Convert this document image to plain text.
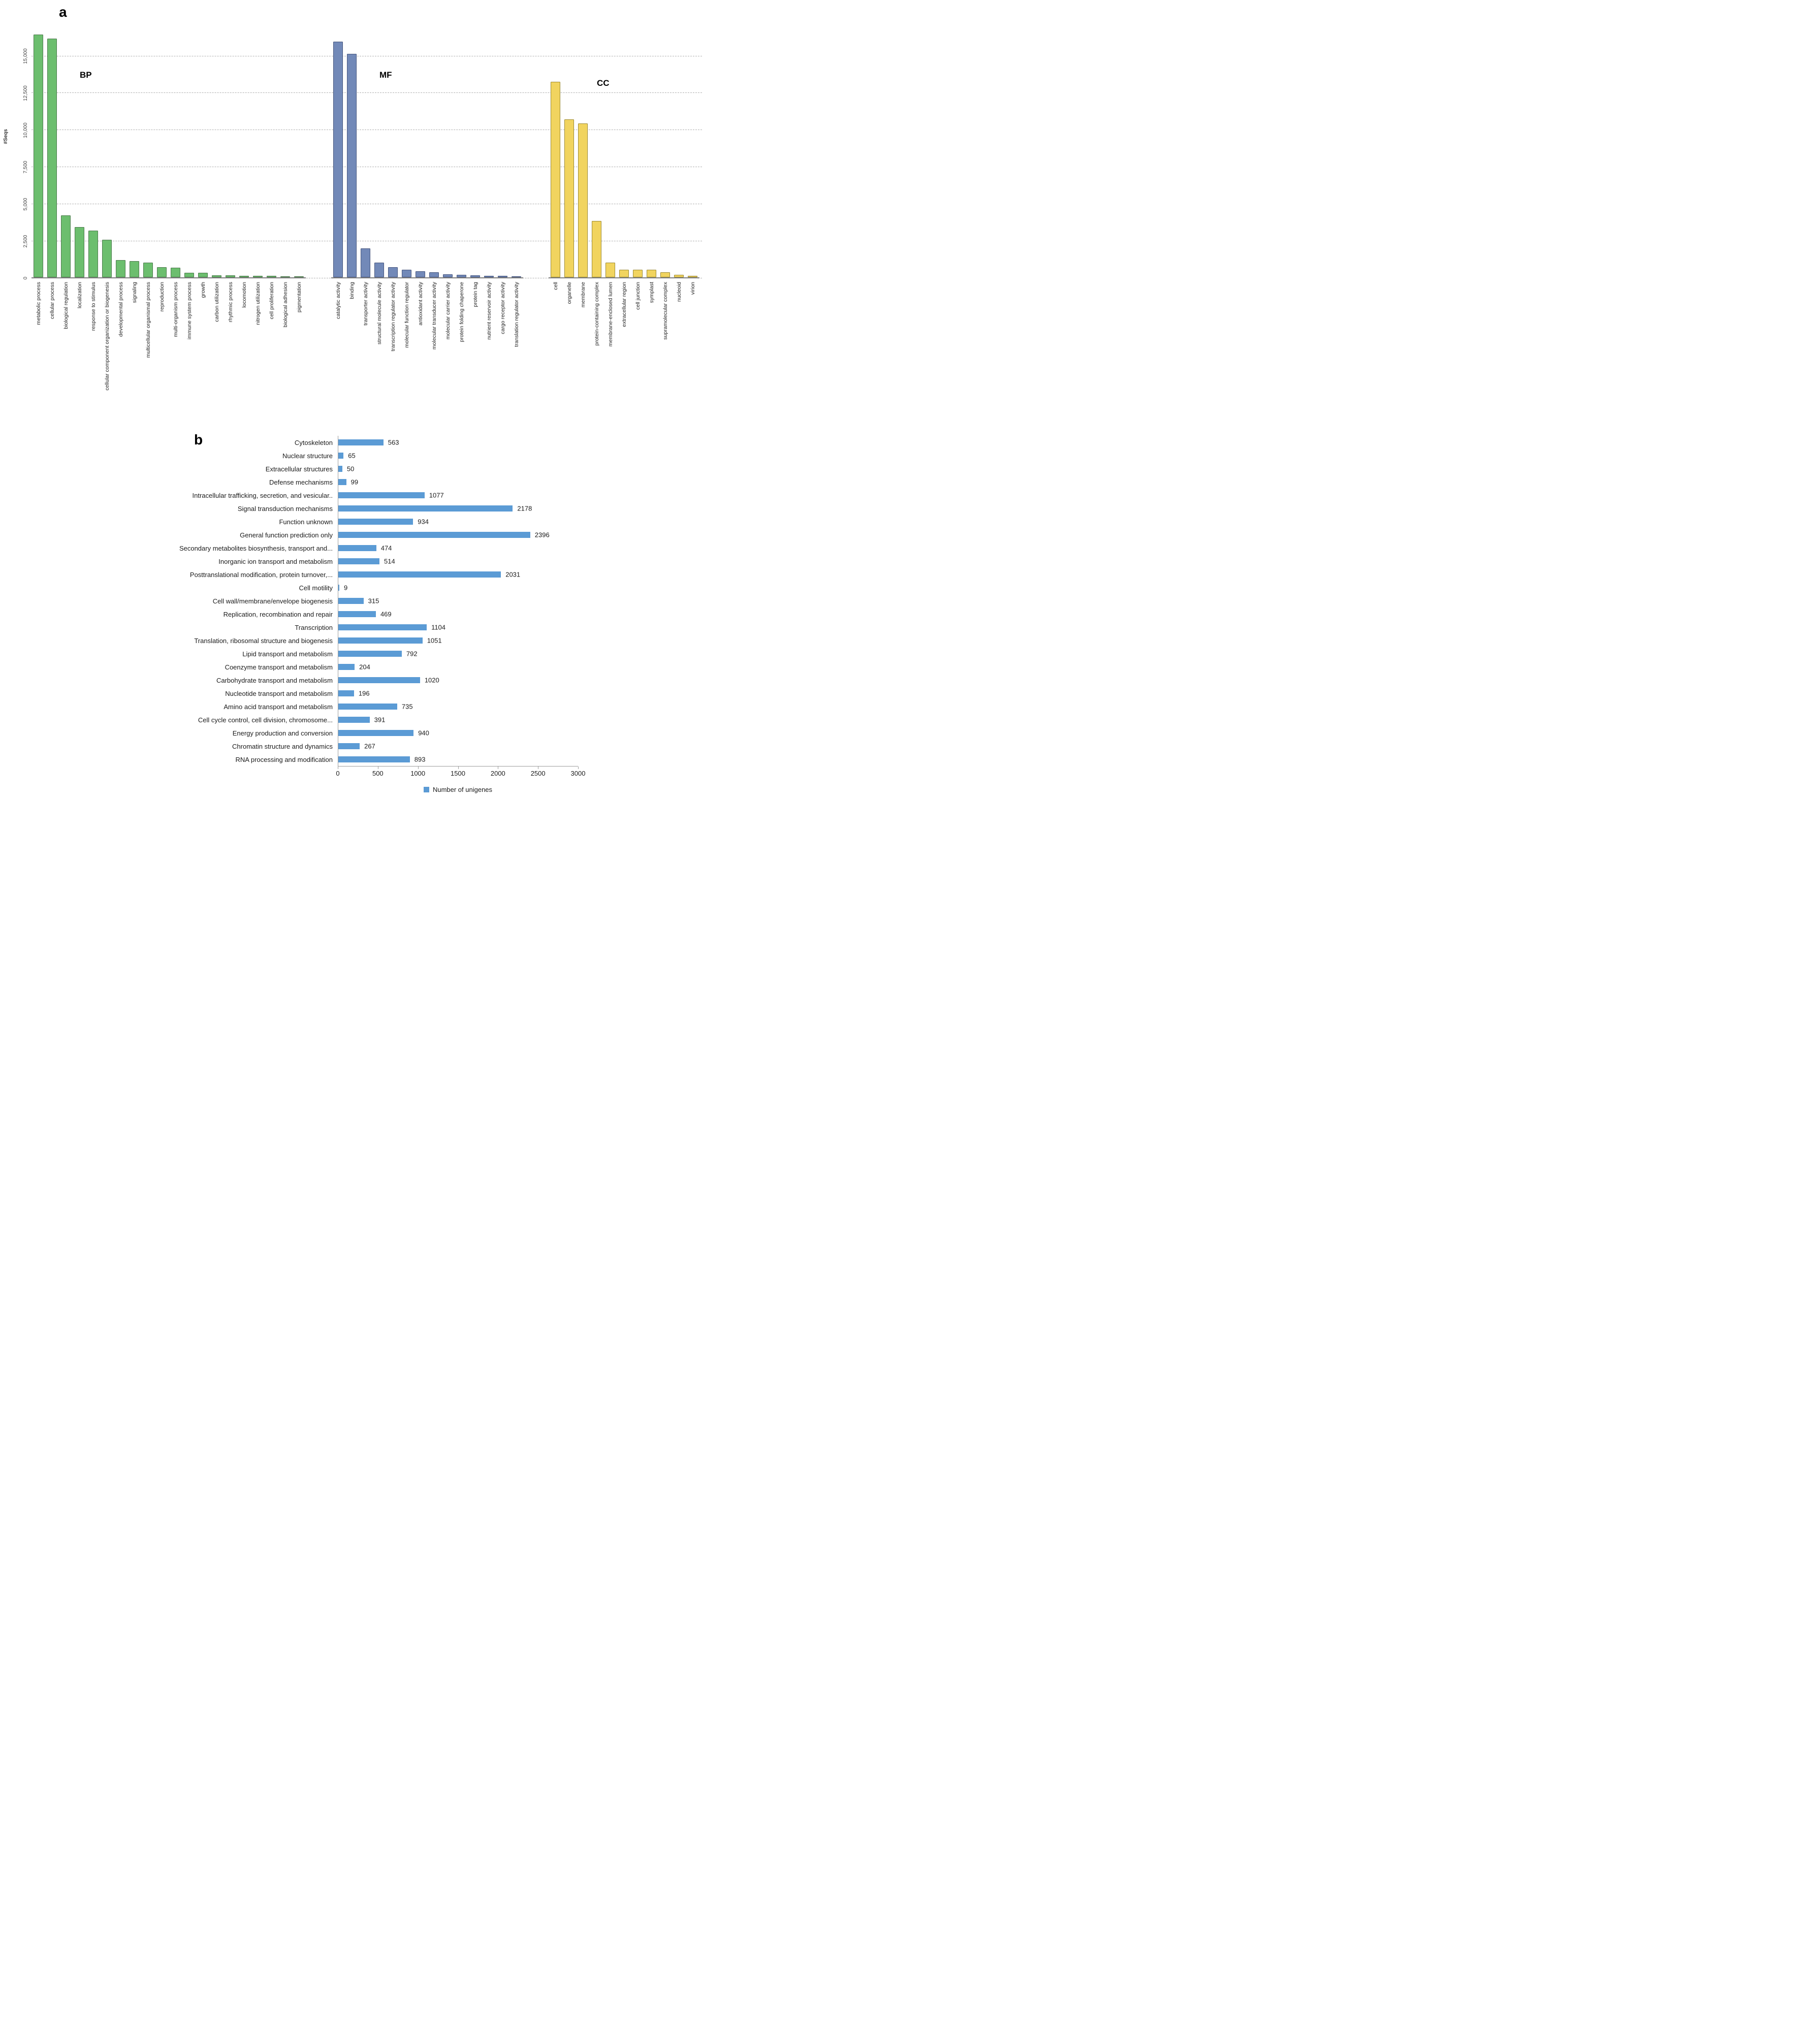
a
#Seqs
0
2,500
5,000
7,500
10,000
12,500
15,000
BP
metabolic process cellular process biological regulation localization response to stimulus cellular component organization or biogenesis developmental process signaling multicellular organismal process reproduction multi-organism process immune system process growth carbon utilization rhythmic process locomotion nitrogen utilization cell proliferation biological adhesion pigmentation
MF
catalytic activity binding transporter activity structural molecule activity transcription regulator activity molecular function regulator antioxidant activity molecular transducer activity molecular carrier activity protein folding chaperone protein tag nutrient reservoir activity cargo receptor activity translation regulator activity
CC
cell organelle membrane protein-containing complex membrane-enclosed lumen extracellular region cell junction symplast supramolecular complex nucleoid virion
b	Cytoskeleton	563
Nuclear structure	65
Extracellular structures	50
Defense mechanisms	99
Intracellular trafficking, secretion, and vesicular..	1077
Signal transduction mechanisms	2178
Function unknown	934
General function prediction only	2396
Secondary metabolites biosynthesis, transport and...	474
Inorganic ion transport and metabolism	514
Posttranslational modification, protein turnover,...	2031
Cell motility	9
Cell wall/membrane/envelope biogenesis	315
Replication, recombination and repair	469
Transcription	1104
Translation, ribosomal structure and biogenesis	1051
Lipid transport and metabolism	792
Coenzyme transport and metabolism	204
Carbohydrate transport and metabolism	1020
Nucleotide transport and metabolism	196
Amino acid transport and metabolism	735
Cell cycle control, cell division, chromosome...	391
Energy production and conversion	940
Chromatin structure and dynamics	267
RNA processing and modification	893
0	500	1000	1500	2000	2500	3000
Number of unigenes
